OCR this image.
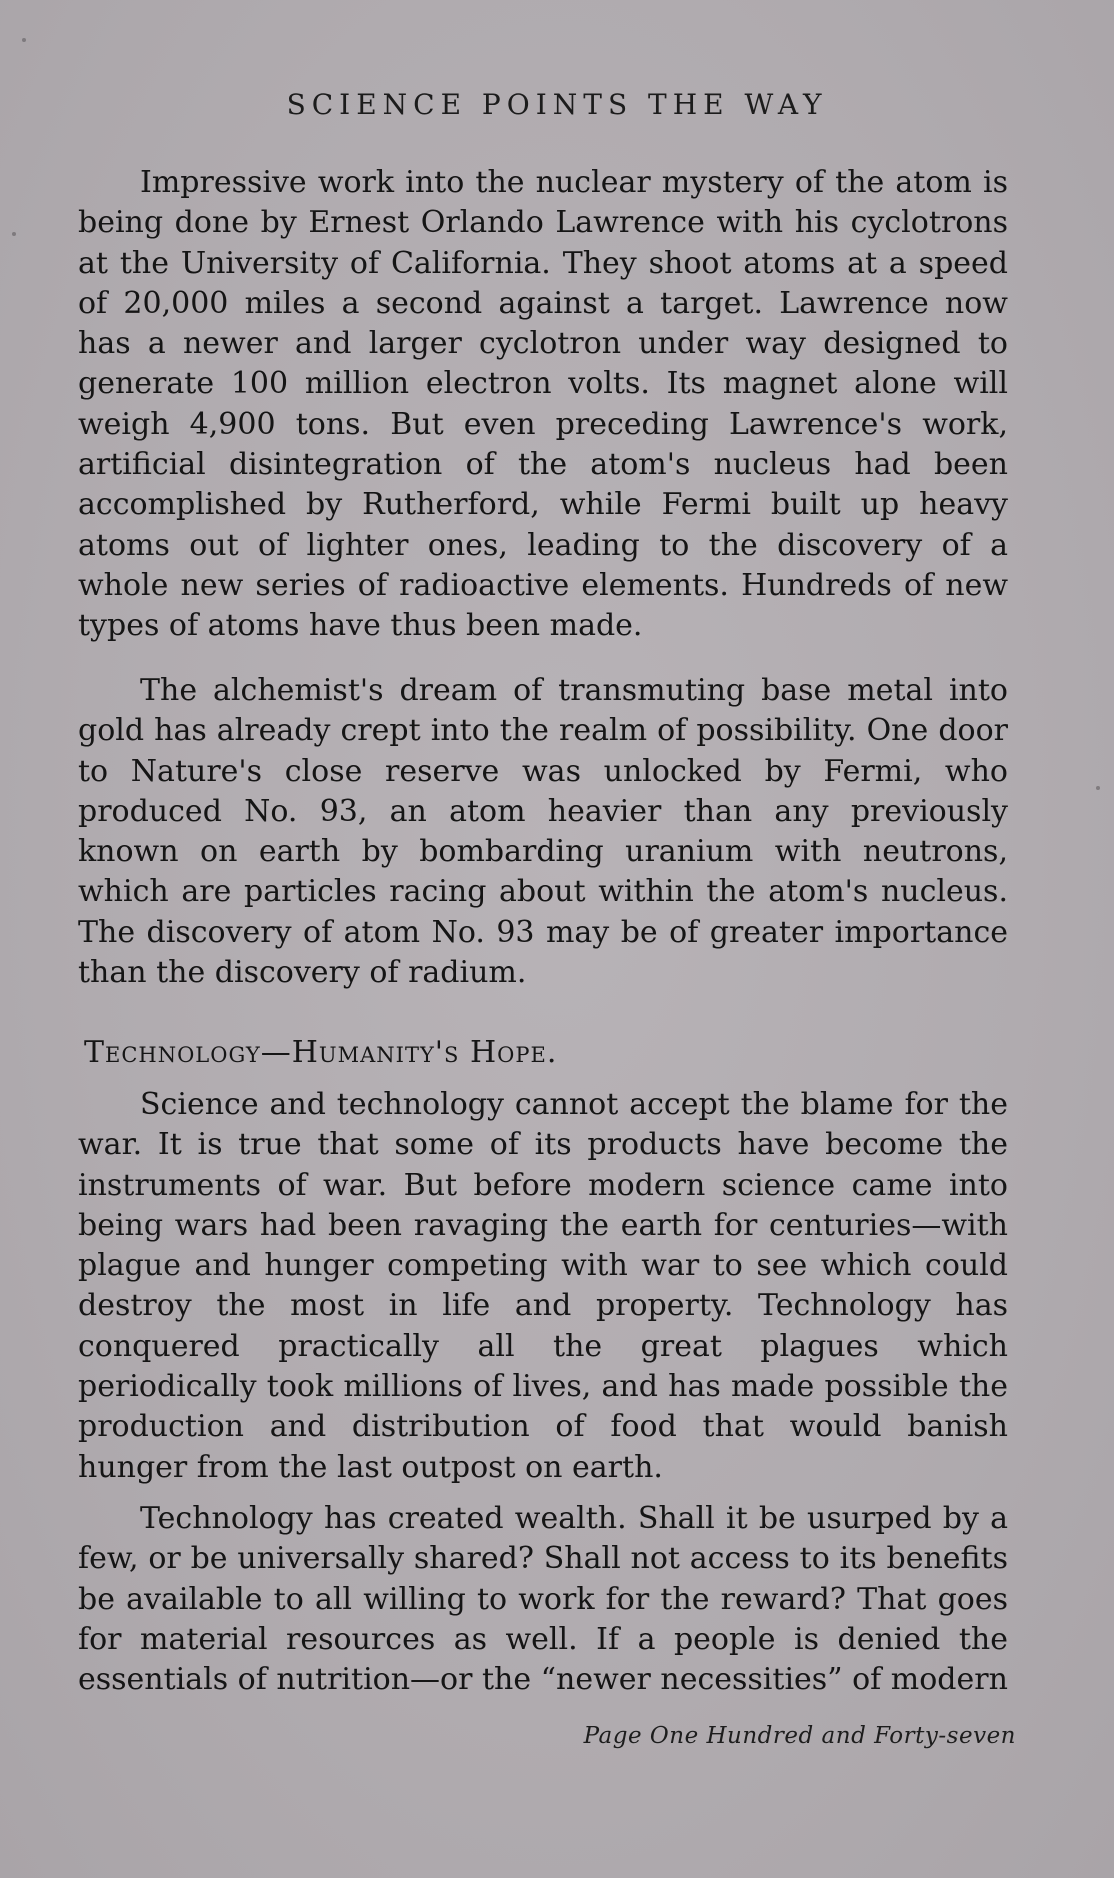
SCIENCE POINTS THE WAY

Impressive work into the nuclear mystery of the atom is being done by Ernest Orlando Lawrence with his cyclotrons at the University of California. They shoot atoms at a speed of 20,000 miles a second against a target. Lawrence now has a newer and larger cyclotron under way designed to generate 100 million electron volts. Its magnet alone will weigh 4,900 tons. But even preceding Lawrence's work, artificial disintegration of the atom's nucleus had been accomplished by Rutherford, while Fermi built up heavy atoms out of lighter ones, leading to the discovery of a whole new series of radioactive elements. Hundreds of new types of atoms have thus been made.

The alchemist's dream of transmuting base metal into gold has already crept into the realm of possibility. One door to Nature's close reserve was unlocked by Fermi, who produced No. 93, an atom heavier than any previously known on earth by bombarding uranium with neutrons, which are particles racing about within the atom's nucleus. The discovery of atom No. 93 may be of greater importance than the discovery of radium.

Technology—Humanity's Hope.

Science and technology cannot accept the blame for the war. It is true that some of its products have become the instruments of war. But before modern science came into being wars had been ravaging the earth for centuries—with plague and hunger competing with war to see which could destroy the most in life and property. Technology has conquered practically all the great plagues which periodically took millions of lives, and has made possible the production and distribution of food that would banish hunger from the last outpost on earth.

Technology has created wealth. Shall it be usurped by a few, or be universally shared? Shall not access to its benefits be available to all willing to work for the reward? That goes for material resources as well. If a people is denied the essentials of nutrition—or the “newer necessities” of modern

Page One Hundred and Forty-seven
